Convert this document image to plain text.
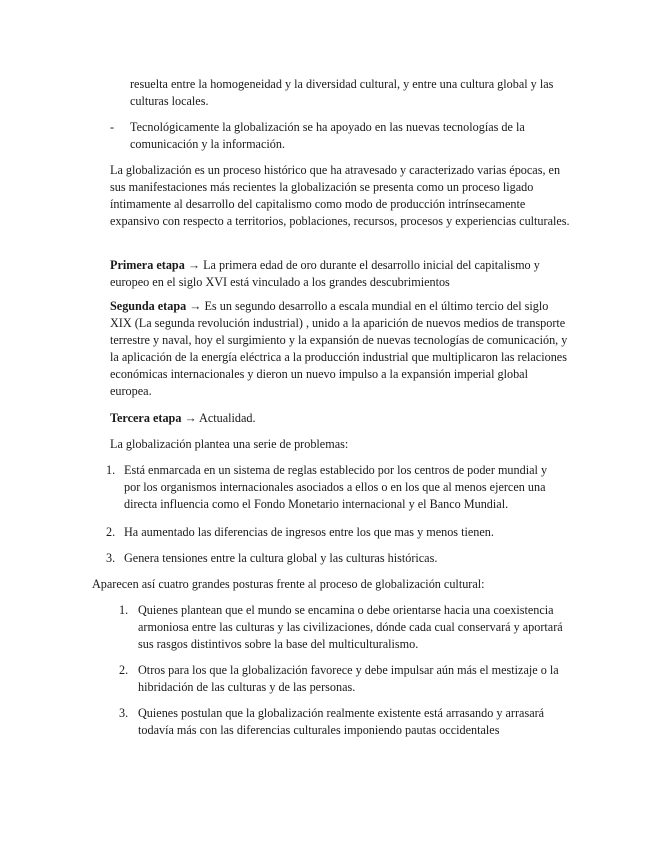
resuelta entre la homogeneidad y la diversidad cultural, y entre una cultura global y las culturas locales.

- Tecnológicamente la globalización se ha apoyado en las nuevas tecnologías de la comunicación y la información.

La globalización es un proceso histórico que ha atravesado y caracterizado varias épocas, en sus manifestaciones más recientes la globalización se presenta como un proceso ligado íntimamente al desarrollo del capitalismo como modo de producción intrínsecamente expansivo con respecto a territorios, poblaciones, recursos, procesos y experiencias culturales.

Primera etapa → La primera edad de oro durante el desarrollo inicial del capitalismo y europeo en el siglo XVI está vinculado a los grandes descubrimientos

Segunda etapa → Es un segundo desarrollo a escala mundial en el último tercio del siglo XIX (La segunda revolución industrial) , unido a la aparición de nuevos medios de transporte terrestre y naval, hoy el surgimiento y la expansión de nuevas tecnologías de comunicación, y la aplicación de la energía eléctrica a la producción industrial que multiplicaron las relaciones económicas internacionales y dieron un nuevo impulso a la expansión imperial global europea.

Tercera etapa → Actualidad.

La globalización plantea una serie de problemas:

1. Está enmarcada en un sistema de reglas establecido por los centros de poder mundial y por los organismos internacionales asociados a ellos o en los que al menos ejercen una directa influencia como el Fondo Monetario internacional y el Banco Mundial.
2. Ha aumentado las diferencias de ingresos entre los que mas y menos tienen.
3. Genera tensiones entre la cultura global y las culturas históricas.

Aparecen así cuatro grandes posturas frente al proceso de globalización cultural:

1. Quienes plantean que el mundo se encamina o debe orientarse hacia una coexistencia armoniosa entre las culturas y las civilizaciones, dónde cada cual conservará y aportará sus rasgos distintivos sobre la base del multiculturalismo.
2. Otros para los que la globalización favorece y debe impulsar aún más el mestizaje o la hibridación de las culturas y de las personas.
3. Quienes postulan que la globalización realmente existente está arrasando y arrasará todavía más con las diferencias culturales imponiendo pautas occidentales
